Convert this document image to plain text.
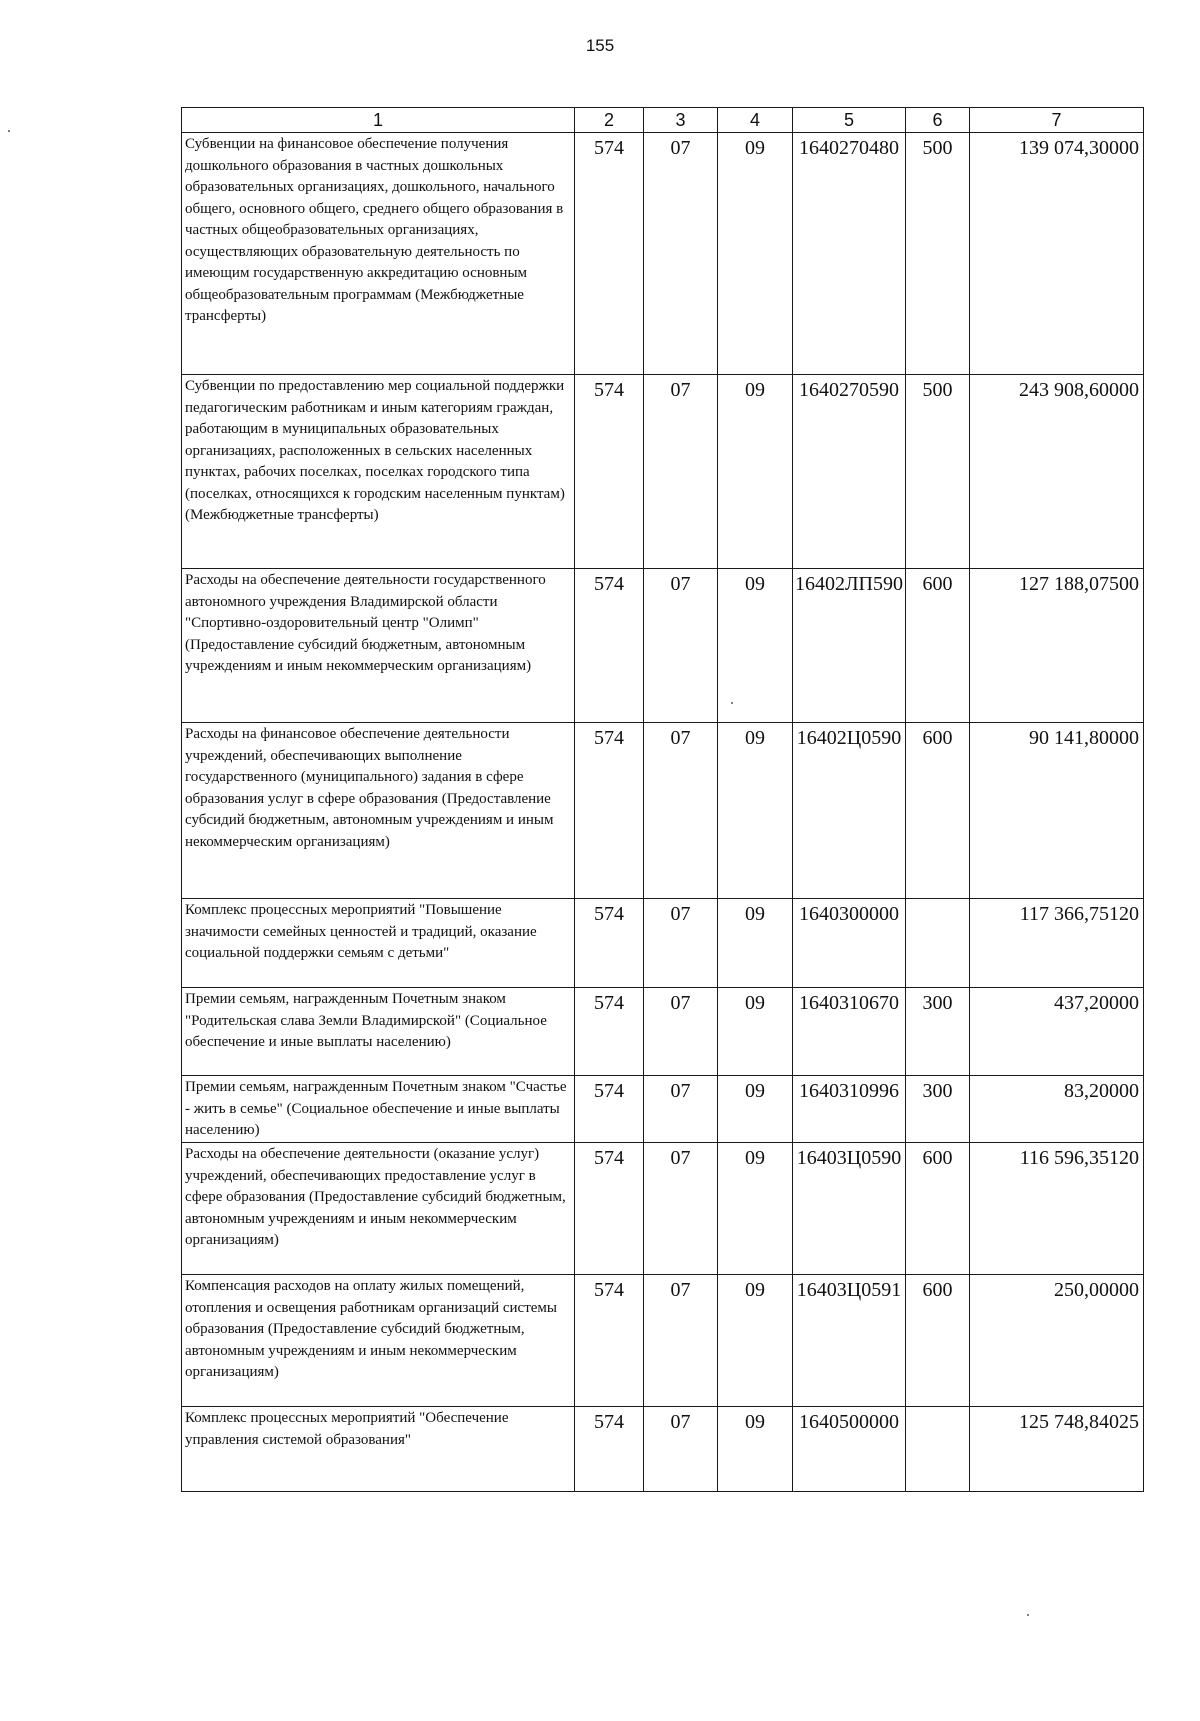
155
1	2	3	4	5	6	7
Субвенции на финансовое обеспечение получения дошкольного образования в частных дошкольных образовательных организациях, дошкольного, начального общего, основного общего, среднего общего образования в частных общеобразовательных организациях, осуществляющих образовательную деятельность по имеющим государственную аккредитацию основным общеобразовательным программам (Межбюджетные трансферты)	574	07	09	1640270480	500	139 074,30000
Субвенции по предоставлению мер социальной поддержки педагогическим работникам и иным категориям граждан, работающим в муниципальных образовательных организациях, расположенных в сельских населенных пунктах, рабочих поселках, поселках городского типа (поселках, относящихся к городским населенным пунктам) (Межбюджетные трансферты)	574	07	09	1640270590	500	243 908,60000
Расходы на обеспечение деятельности государственного автономного учреждения Владимирской области "Спортивно-оздоровительный центр "Олимп" (Предоставление субсидий бюджетным, автономным учреждениям и иным некоммерческим организациям)	574	07	09	16402ЛП590	600	127 188,07500
Расходы на финансовое обеспечение деятельности учреждений, обеспечивающих выполнение государственного (муниципального) задания в сфере образования услуг в сфере образования (Предоставление субсидий бюджетным, автономным учреждениям и иным некоммерческим организациям)	574	07	09	16402Ц0590	600	90 141,80000
Комплекс процессных мероприятий "Повышение значимости семейных ценностей и традиций, оказание социальной поддержки семьям с детьми"	574	07	09	1640300000		117 366,75120
Премии семьям, награжденным Почетным знаком "Родительская слава Земли Владимирской" (Социальное обеспечение и иные выплаты населению)	574	07	09	1640310670	300	437,20000
Премии семьям, награжденным Почетным знаком "Счастье - жить в семье" (Социальное обеспечение и иные выплаты населению)	574	07	09	1640310996	300	83,20000
Расходы на обеспечение деятельности (оказание услуг) учреждений, обеспечивающих предоставление услуг в сфере образования (Предоставление субсидий бюджетным, автономным учреждениям и иным некоммерческим организациям)	574	07	09	16403Ц0590	600	116 596,35120
Компенсация расходов на оплату жилых помещений, отопления и освещения работникам организаций системы образования (Предоставление субсидий бюджетным, автономным учреждениям и иным некоммерческим организациям)	574	07	09	16403Ц0591	600	250,00000
Комплекс процессных мероприятий "Обеспечение управления системой образования"	574	07	09	1640500000		125 748,84025
